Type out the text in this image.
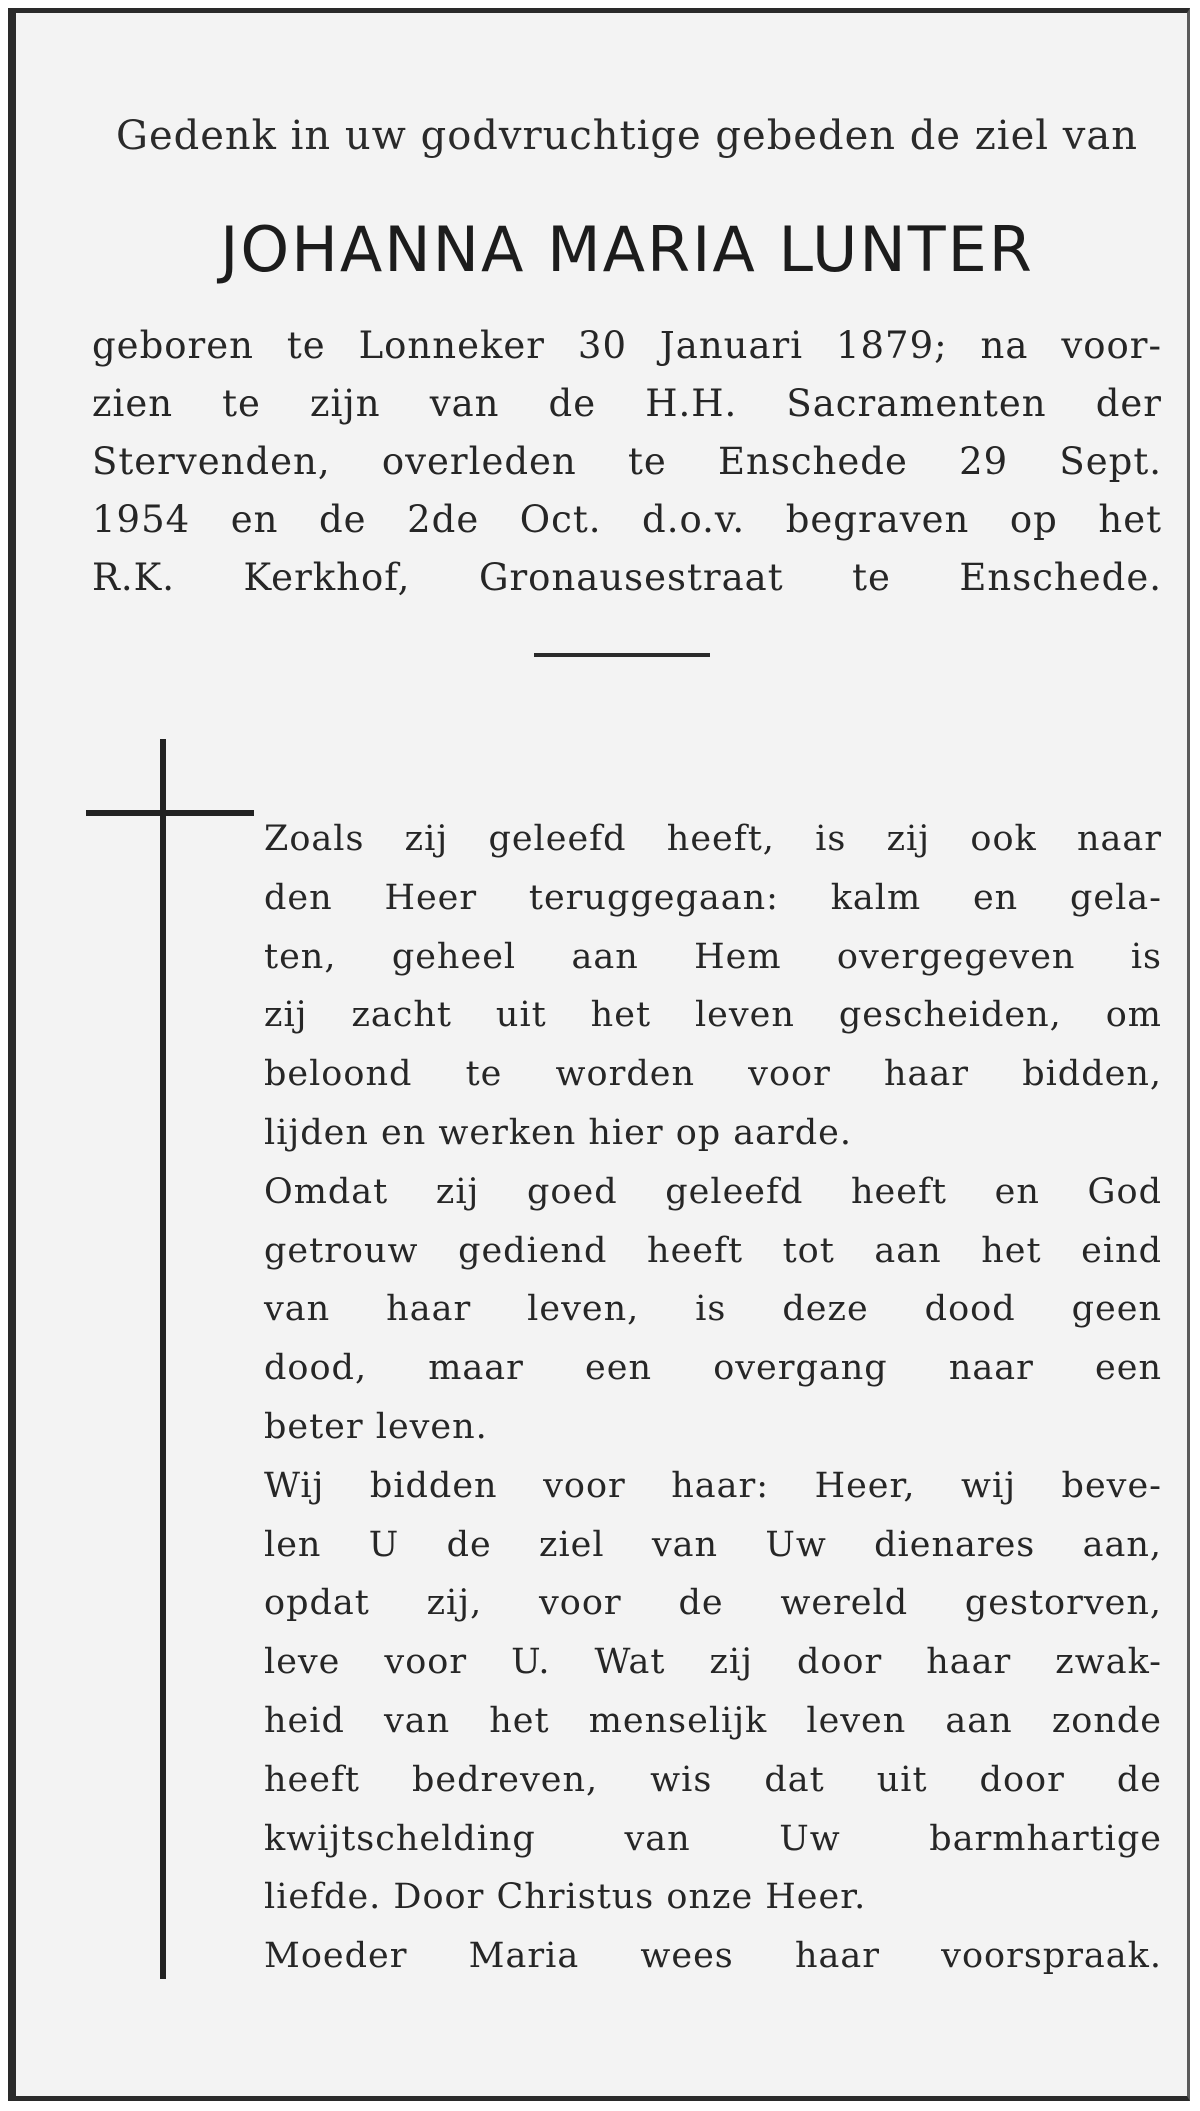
Gedenk in uw godvruchtige gebeden de ziel van

JOHANNA MARIA LUNTER
geboren te Lonneker 30 Januari 1879; na voor-
zien te zijn van de H.H. Sacramenten der
Stervenden, overleden te Enschede 29 Sept.
1954 en de 2de Oct. d.o.v. begraven op het
R.K. Kerkhof, Gronausestraat te Enschede.
Zoals zij geleefd heeft, is zij ook naar
den Heer teruggegaan: kalm en gela-
ten, geheel aan Hem overgegeven is
zij zacht uit het leven gescheiden, om
beloond te worden voor haar bidden,
lijden en werken hier op aarde.
Omdat zij goed geleefd heeft en God
getrouw gediend heeft tot aan het eind
van haar leven, is deze dood geen
dood, maar een overgang naar een
beter leven.
Wij bidden voor haar: Heer, wij beve-
len U de ziel van Uw dienares aan,
opdat zij, voor de wereld gestorven,
leve voor U. Wat zij door haar zwak-
heid van het menselijk leven aan zonde
heeft bedreven, wis dat uit door de
kwijtschelding van Uw barmhartige
liefde. Door Christus onze Heer.
Moeder Maria wees haar voorspraak.
